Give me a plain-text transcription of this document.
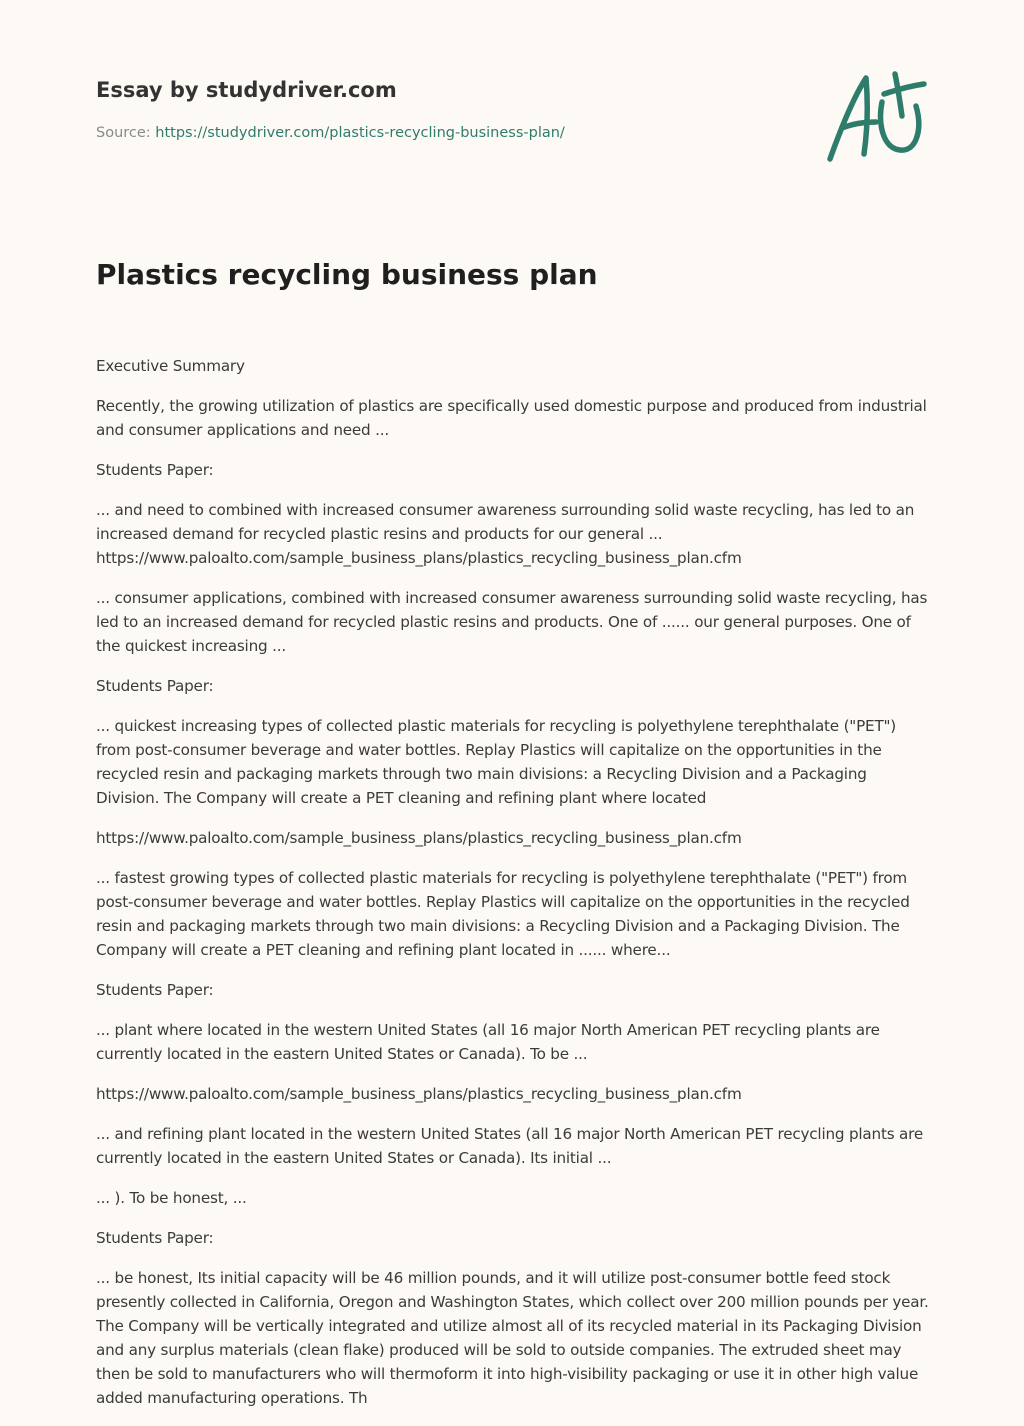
Essay by studydriver.com
Source: https://studydriver.com/plastics-recycling-business-plan/
Plastics recycling business plan

Executive Summary

Recently, the growing utilization of plastics are specifically used domestic purpose and produced from industrial and consumer applications and need ...

Students Paper:

... and need to combined with increased consumer awareness surrounding solid waste recycling, has led to an increased demand for recycled plastic resins and products for our general ... https://www.paloalto.com/sample_business_plans/plastics_recycling_business_plan.cfm

... consumer applications, combined with increased consumer awareness surrounding solid waste recycling, has led to an increased demand for recycled plastic resins and products. One of ...... our general purposes. One of the quickest increasing ...

Students Paper:

... quickest increasing types of collected plastic materials for recycling is polyethylene terephthalate ("PET") from post-consumer beverage and water bottles. Replay Plastics will capitalize on the opportunities in the recycled resin and packaging markets through two main divisions: a Recycling Division and a Packaging Division. The Company will create a PET cleaning and refining plant where located

https://www.paloalto.com/sample_business_plans/plastics_recycling_business_plan.cfm

... fastest growing types of collected plastic materials for recycling is polyethylene terephthalate ("PET") from post-consumer beverage and water bottles. Replay Plastics will capitalize on the opportunities in the recycled resin and packaging markets through two main divisions: a Recycling Division and a Packaging Division. The Company will create a PET cleaning and refining plant located in ...... where...

Students Paper:

... plant where located in the western United States (all 16 major North American PET recycling plants are currently located in the eastern United States or Canada). To be ...

https://www.paloalto.com/sample_business_plans/plastics_recycling_business_plan.cfm

... and refining plant located in the western United States (all 16 major North American PET recycling plants are currently located in the eastern United States or Canada). Its initial ...

... ). To be honest, ...

Students Paper:

... be honest, Its initial capacity will be 46 million pounds, and it will utilize post-consumer bottle feed stock presently collected in California, Oregon and Washington States, which collect over 200 million pounds per year. The Company will be vertically integrated and utilize almost all of its recycled material in its Packaging Division and any surplus materials (clean flake) produced will be sold to outside companies. The extruded sheet may then be sold to manufacturers who will thermoform it into high-visibility packaging or use it in other high value added manufacturing operations. Th
